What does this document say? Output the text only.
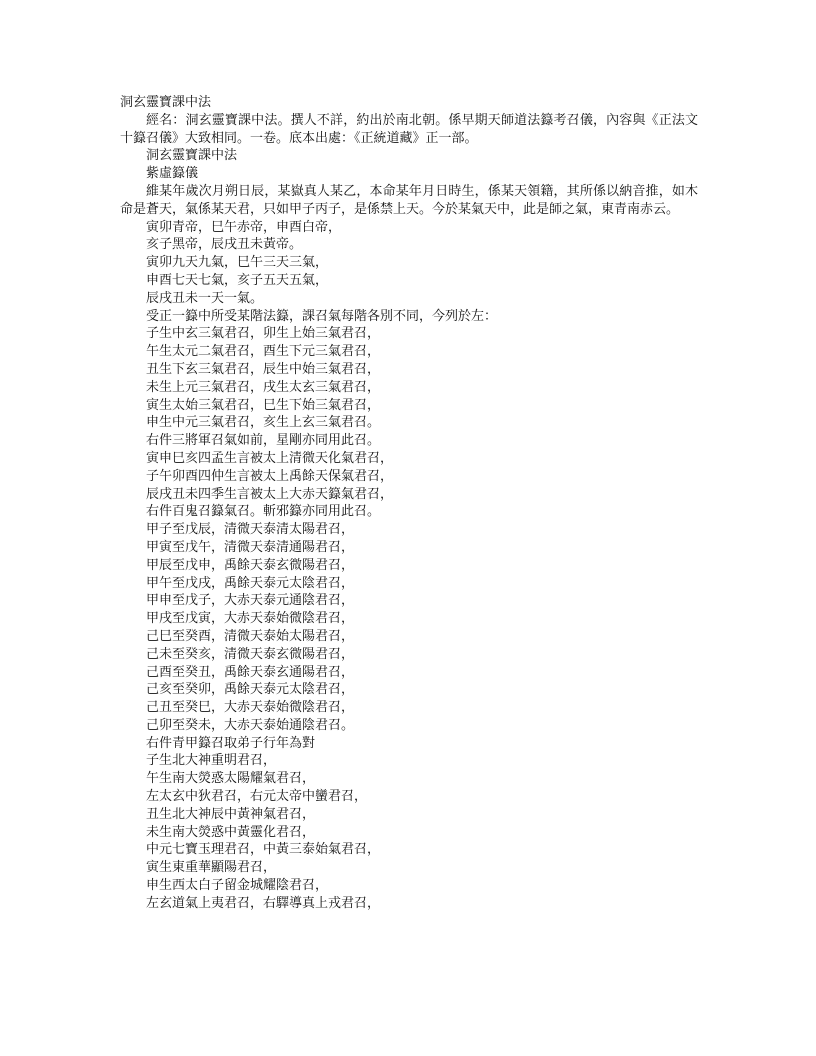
洞玄靈寶課中法

經名：洞玄靈寶課中法。撰人不詳，約出於南北朝。係早期天師道法籙考召儀，內容與《正法文十籙召儀》大致相同。一卷。底本出處：《正統道藏》正一部。

洞玄靈寶課中法

紫虛籙儀

維某年歲次月朔日辰，某嶽真人某乙，本命某年月日時生，係某天領籍，其所係以納音推，如木命是蒼天，氣係某天君，只如甲子丙子，是係禁上天。今於某氣天中，此是師之氣，東青南赤云。

寅卯青帝，巳午赤帝，申酉白帝，

亥子黑帝，辰戌丑未黃帝。

寅卯九天九氣，巳午三天三氣，

申酉七天七氣，亥子五天五氣，

辰戌丑未一天一氣。

受正一籙中所受某階法籙，課召氣每階各別不同，今列於左：

子生中玄三氣君召，卯生上始三氣君召，

午生太元二氣君召，酉生下元三氣君召，

丑生下玄三氣君召，辰生中始三氣君召，

未生上元三氣君召，戌生太玄三氣君召，

寅生太始三氣君召，巳生下始三氣君召，

申生中元三氣君召，亥生上玄三氣君召。

右件三將軍召氣如前，星剛亦同用此召。

寅申巳亥四孟生言被太上清微天化氣君召，

子午卯酉四仲生言被太上禹餘天保氣君召，

辰戌丑未四季生言被太上大赤天籙氣君召，

右件百鬼召籙氣召。斬邪籙亦同用此召。

甲子至戊辰，清微天泰清太陽君召，

甲寅至戊午，清微天泰清通陽君召，

甲辰至戊申，禹餘天泰玄微陽君召，

甲午至戊戌，禹餘天泰元太陰君召，

甲申至戊子，大赤天泰元通陰君召，

甲戌至戊寅，大赤天泰始微陰君召，

己巳至癸酉，清微天泰始太陽君召，

己未至癸亥，清微天泰玄微陽君召，

己酉至癸丑，禹餘天泰玄通陽君召，

己亥至癸卯，禹餘天泰元太陰君召，

己丑至癸巳，大赤天泰始微陰君召，

己卯至癸未，大赤天泰始通陰君召。

右件青甲籙召取弟子行年為對

子生北大神重明君召，

午生南大熒惑太陽耀氣君召，

左太玄中狄君召，右元太帝中蠻君召，

丑生北大神辰中黃神氣君召，

未生南大熒惑中黃靈化君召，

中元七寶玉理君召，中黃三泰始氣君召，

寅生東重華顯陽君召，

申生西太白子留金城耀陰君召，

左玄道氣上夷君召，右驛導真上戎君召，
